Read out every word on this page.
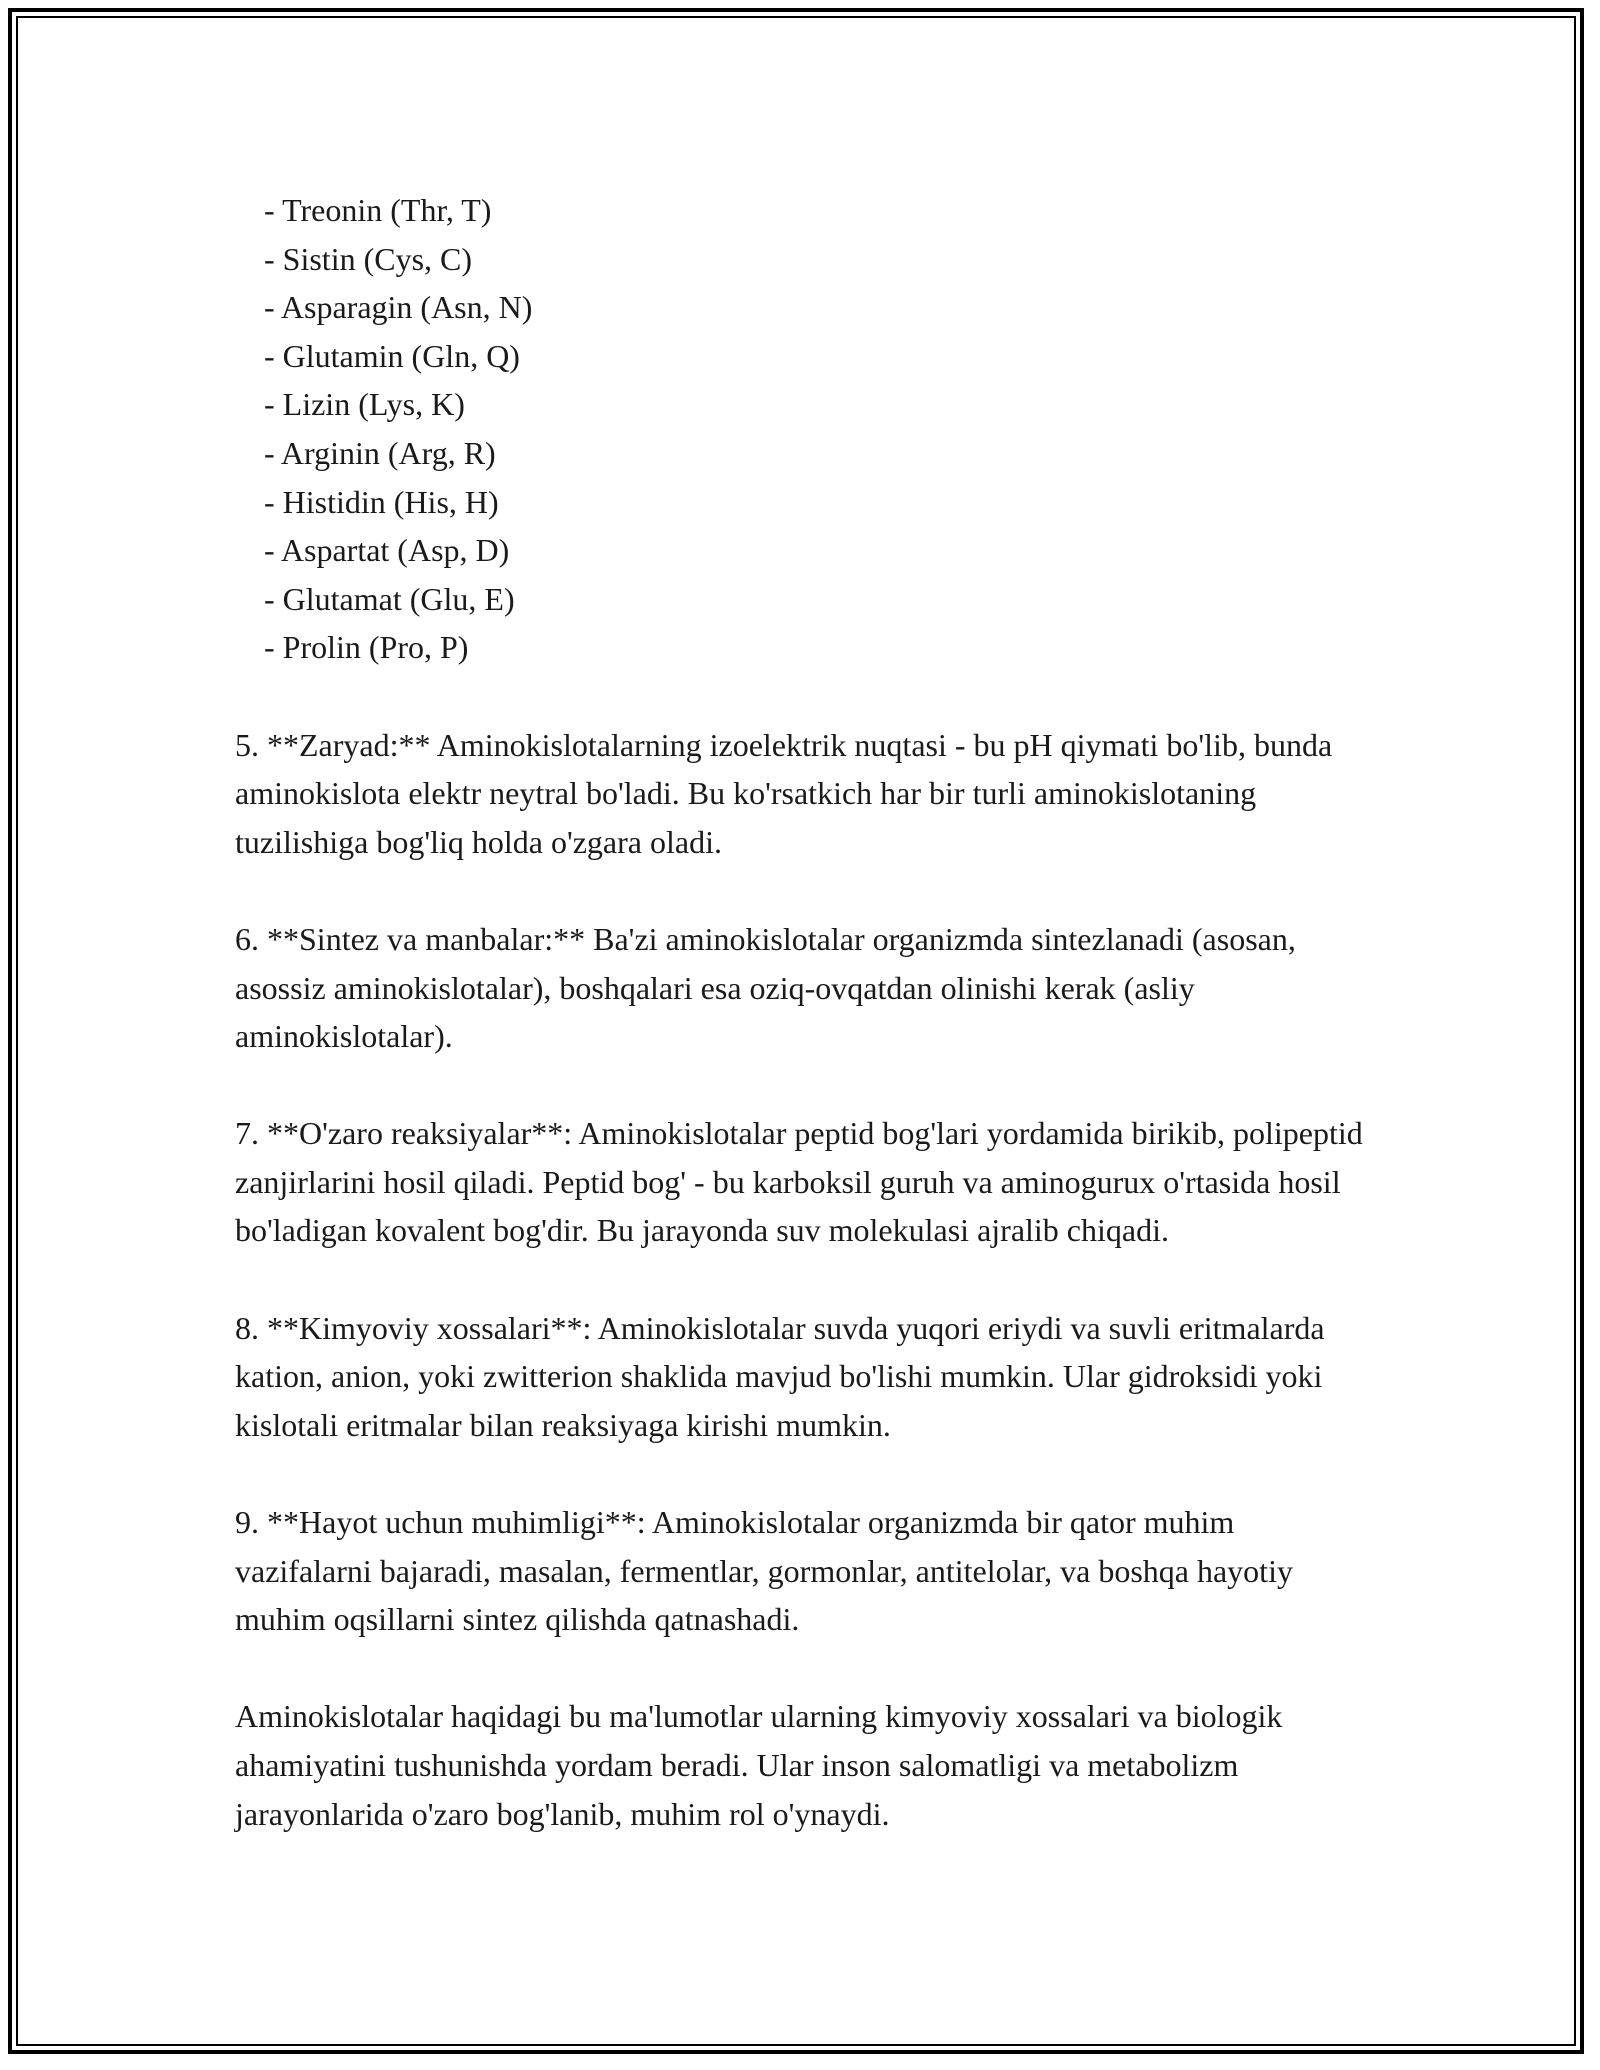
- Treonin (Thr, T)
- Sistin (Cys, C)
- Asparagin (Asn, N)
- Glutamin (Gln, Q)
- Lizin (Lys, K)
- Arginin (Arg, R)
- Histidin (His, H)
- Aspartat (Asp, D)
- Glutamat (Glu, E)
- Prolin (Pro, P)

5. **Zaryad:** Aminokislotalarning izoelektrik nuqtasi - bu pH qiymati bo'lib, bunda aminokislota elektr neytral bo'ladi. Bu ko'rsatkich har bir turli aminokislotaning tuzilishiga bog'liq holda o'zgara oladi.

6. **Sintez va manbalar:** Ba'zi aminokislotalar organizmda sintezlanadi (asosan, asossiz aminokislotalar), boshqalari esa oziq-ovqatdan olinishi kerak (asliy aminokislotalar).

7. **O'zaro reaksiyalar**: Aminokislotalar peptid bog'lari yordamida birikib, polipeptid zanjirlarini hosil qiladi. Peptid bog' - bu karboksil guruh va aminogurux o'rtasida hosil bo'ladigan kovalent bog'dir. Bu jarayonda suv molekulasi ajralib chiqadi.

8. **Kimyoviy xossalari**: Aminokislotalar suvda yuqori eriydi va suvli eritmalarda kation, anion, yoki zwitterion shaklida mavjud bo'lishi mumkin. Ular gidroksidi yoki kislotali eritmalar bilan reaksiyaga kirishi mumkin.

9. **Hayot uchun muhimligi**: Aminokislotalar organizmda bir qator muhim vazifalarni bajaradi, masalan, fermentlar, gormonlar, antitelolar, va boshqa hayotiy muhim oqsillarni sintez qilishda qatnashadi.

Aminokislotalar haqidagi bu ma'lumotlar ularning kimyoviy xossalari va biologik ahamiyatini tushunishda yordam beradi. Ular inson salomatligi va metabolizm jarayonlarida o'zaro bog'lanib, muhim rol o'ynaydi.
